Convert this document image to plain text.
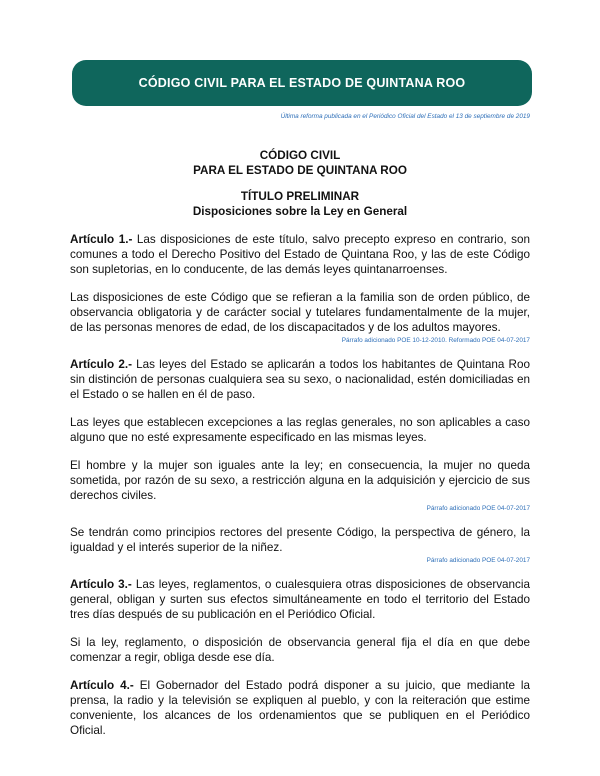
CÓDIGO CIVIL PARA EL ESTADO DE QUINTANA ROO
Última reforma publicada en el Periódico Oficial del Estado el 13 de septiembre de 2019

CÓDIGO CIVIL

PARA EL ESTADO DE QUINTANA ROO

TÍTULO PRELIMINAR

Disposiciones sobre la Ley en General

Artículo 1.- Las disposiciones de este título, salvo precepto expreso en contrario, son comunes a todo el Derecho Positivo del Estado de Quintana Roo, y las de este Código son supletorias, en lo conducente, de las demás leyes quintanarroenses.

Las disposiciones de este Código que se refieran a la familia son de orden público, de observancia obligatoria y de carácter social y tutelares fundamentalmente de la mujer, de las personas menores de edad, de los discapacitados y de los adultos mayores.

Párrafo adicionado POE 10-12-2010. Reformado POE 04-07-2017

Artículo 2.- Las leyes del Estado se aplicarán a todos los habitantes de Quintana Roo sin distinción de personas cualquiera sea su sexo, o nacionalidad, estén domiciliadas en el Estado o se hallen en él de paso.

Las leyes que establecen excepciones a las reglas generales, no son aplicables a caso alguno que no esté expresamente especificado en las mismas leyes.

El hombre y la mujer son iguales ante la ley; en consecuencia, la mujer no queda sometida, por razón de su sexo, a restricción alguna en la adquisición y ejercicio de sus derechos civiles.

Párrafo adicionado POE 04-07-2017

Se tendrán como principios rectores del presente Código, la perspectiva de género, la igualdad y el interés superior de la niñez.

Párrafo adicionado POE 04-07-2017

Artículo 3.- Las leyes, reglamentos, o cualesquiera otras disposiciones de observancia general, obligan y surten sus efectos simultáneamente en todo el territorio del Estado tres días después de su publicación en el Periódico Oficial.

Si la ley, reglamento, o disposición de observancia general fija el día en que debe comenzar a regir, obliga desde ese día.

Artículo 4.- El Gobernador del Estado podrá disponer a su juicio, que mediante la prensa, la radio y la televisión se expliquen al pueblo, y con la reiteración que estime conveniente, los alcances de los ordenamientos que se publiquen en el Periódico Oficial.
